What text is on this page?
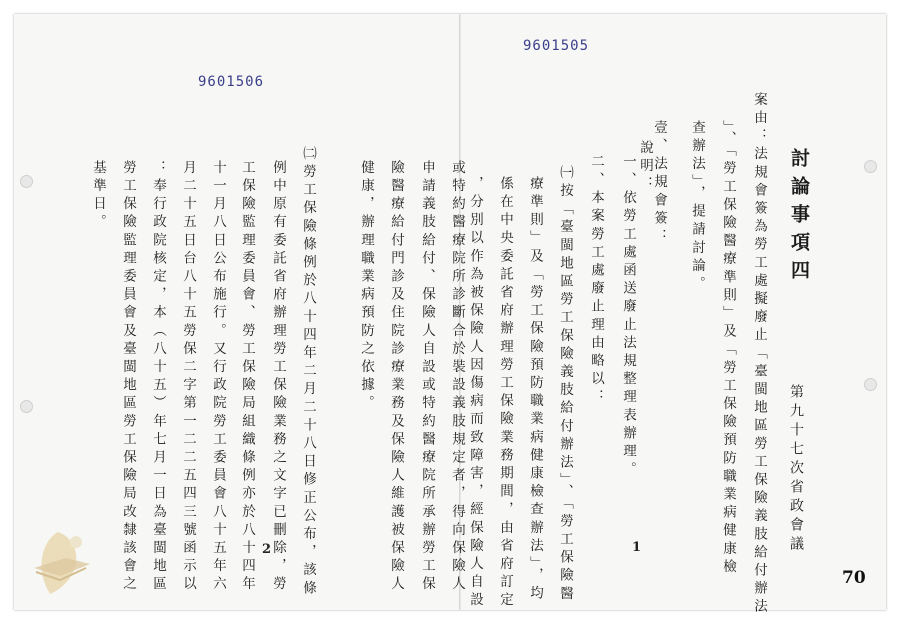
9601506
或特約醫療院所診斷合於裝設義肢規定者，得向保險人
申請義肢給付、保險人自設或特約醫療院所承辦勞工保
險醫療給付門診及住院診療業務及保險人維護被保險人
健康，辦理職業病預防之依據。
㈡勞工保險條例於八十四年二月二十八日修正公布，該條
例中原有委託省府辦理勞工保險業務之文字已刪除，勞
工保險監理委員會、勞工保險局組織條例亦於八十四年
十一月八日公布施行。又行政院勞工委員會八十五年六
月二十五日台八十五勞保二字第一二二五四三號函示以
：奉行政院核定，本（八十五）年七月一日為臺閩地區
勞工保險監理委員會及臺閩地區勞工保險局改隸該會之
基準日。
2
9601505
討論事項四
案由：法規會簽為勞工處擬廢止「臺閩地區勞工保險義肢給付辦法
」、「勞工保險醫療準則」及「勞工保險預防職業病健康檢
查辦法」，提請討論。
壹、法規會簽：
說明：
一、依勞工處函送廢止法規整理表辦理。
二、本案勞工處廢止理由略以：
㈠按「臺閩地區勞工保險義肢給付辦法」、「勞工保險醫
療準則」及「勞工保險預防職業病健康檢查辦法」，均
係在中央委託省府辦理勞工保險業務期間，由省府訂定
，分別以作為被保險人因傷病而致障害，經保險人自設	第九十七次省政會議
1
70
